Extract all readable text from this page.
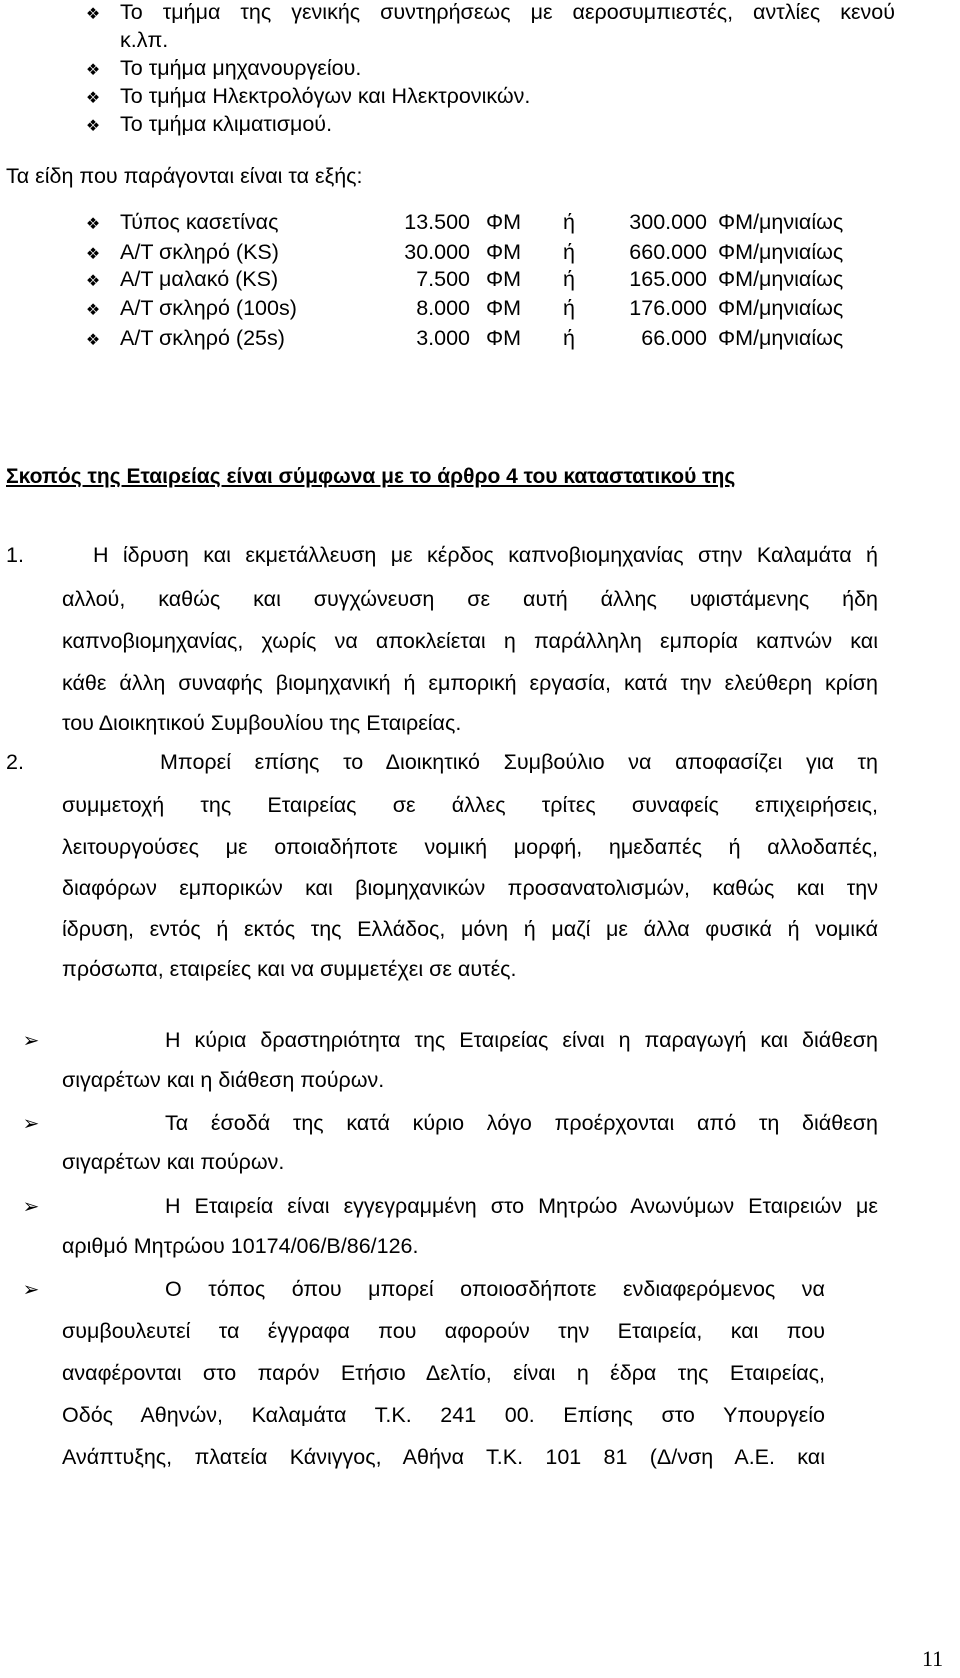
❖ Το τμήμα της γενικής συντηρήσεως με αεροσυμπιεστές, αντλίες κενού
κ.λπ.
❖ Το τμήμα μηχανουργείου.
❖ Το τμήμα Ηλεκτρολόγων και Ηλεκτρονικών.
❖ Το τμήμα κλιματισμού.
Τα είδη που παράγονται είναι τα εξής:
❖ Τύπος κασετίνας	13.500 ΦΜ ή	300.000 ΦΜ/μηνιαίως
❖ Α/Τ σκληρό (KS)	30.000 ΦΜ ή	660.000 ΦΜ/μηνιαίως
❖ Α/Τ μαλακό (KS)	7.500 ΦΜ ή	165.000 ΦΜ/μηνιαίως
❖ Α/Τ σκληρό (100s)	8.000 ΦΜ ή	176.000 ΦΜ/μηνιαίως
❖ Α/Τ σκληρό (25s)	3.000 ΦΜ ή	66.000 ΦΜ/μηνιαίως
Σκοπός της Εταιρείας είναι σύμφωνα με το άρθρο 4 του καταστατικού της
1.	Η ίδρυση και εκμετάλλευση με κέρδος καπνοβιομηχανίας στην Καλαμάτα ή
αλλού, καθώς και συγχώνευση σε αυτή άλλης υφιστάμενης ήδη
καπνοβιομηχανίας, χωρίς να αποκλείεται η παράλληλη εμπορία καπνών και
κάθε άλλη συναφής βιομηχανική ή εμπορική εργασία, κατά την ελεύθερη κρίση
του Διοικητικού Συμβουλίου της Εταιρείας.
2.	Μπορεί επίσης το Διοικητικό Συμβούλιο να αποφασίζει για τη
συμμετοχή της Εταιρείας σε άλλες τρίτες συναφείς επιχειρήσεις,
λειτουργούσες με οποιαδήποτε νομική μορφή, ημεδαπές ή αλλοδαπές,
διαφόρων εμπορικών και βιομηχανικών προσανατολισμών, καθώς και την
ίδρυση, εντός ή εκτός της Ελλάδος, μόνη ή μαζί με άλλα φυσικά ή νομικά
πρόσωπα, εταιρείες και να συμμετέχει σε αυτές.
➢	Η κύρια δραστηριότητα της Εταιρείας είναι η παραγωγή και διάθεση
σιγαρέτων και η διάθεση πούρων.
➢	Τα έσοδά της κατά κύριο λόγο προέρχονται από τη διάθεση
σιγαρέτων και πούρων.
➢	Η Εταιρεία είναι εγγεγραμμένη στο Μητρώο Ανωνύμων Εταιρειών με
αριθμό Μητρώου 10174/06/Β/86/126.
➢	Ο τόπος όπου μπορεί οποιοσδήποτε ενδιαφερόμενος να
συμβουλευτεί τα έγγραφα που αφορούν την Εταιρεία, και που
αναφέρονται στο παρόν Ετήσιο Δελτίο, είναι η έδρα της Εταιρείας,
Οδός Αθηνών, Καλαμάτα Τ.Κ. 241 00. Επίσης στο Υπουργείο
Ανάπτυξης, πλατεία Κάνιγγος, Αθήνα Τ.Κ. 101 81 (Δ/νση Α.Ε. και
11
